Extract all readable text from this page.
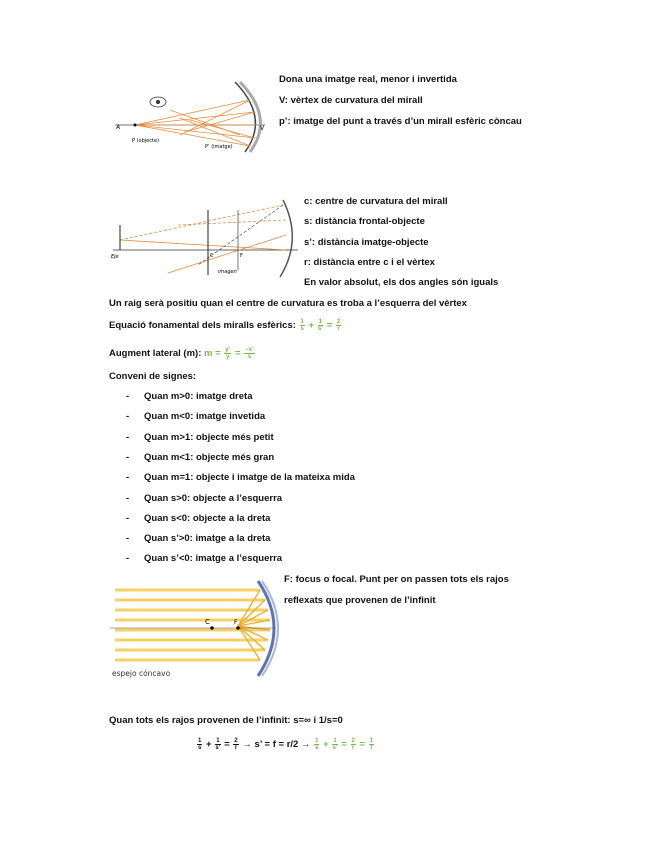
A
P (objecte)
P’ (imatge)
V
Dona una imatge real, menor i invertida
V: vèrtex de curvatura del mirall
p’: imatge del punt a través d’un mirall esfèric còncau
Eje
imagen
C	F
c: centre de curvatura del mirall
s: distància frontal-objecte
s’: distància imatge-objecte
r: distància entre c i el vèrtex
En valor absolut, els dos angles són iguals
Un raig serà positiu quan el centre de curvatura es troba a l’esquerra del vèrtex
Equació fonamental dels miralls esfèrics: $\frac{1}{s} + \frac{1}{s’} = \frac{2}{r}$
Augment lateral (m): $m = \frac{y’}{y} = \frac{-s’}{s}$
Conveni de signes:
- Quan m>0: imatge dreta
- Quan m<0: imatge invetida
- Quan m>1: objecte més petit
- Quan m<1: objecte més gran
- Quan m=1: objecte i imatge de la mateixa mida
- Quan s>0: objecte a l’esquerra
- Quan s<0: objecte a la dreta
- Quan s’>0: imatge a la dreta
- Quan s’<0: imatge a l’esquerra
C	F
espejo cóncavo
F: focus o focal. Punt per on passen tots els rajos
reflexats que provenen de l’infinit
Quan tots els rajos provenen de l’infinit: s=∞ i 1/s=0
$\frac{1}{s} + \frac{1}{s’} = \frac{2}{r} \to s$’ = $f = r/2 \to \frac{1}{s} + \frac{1}{s’} = \frac{2}{r} = \frac{1}{f}$
